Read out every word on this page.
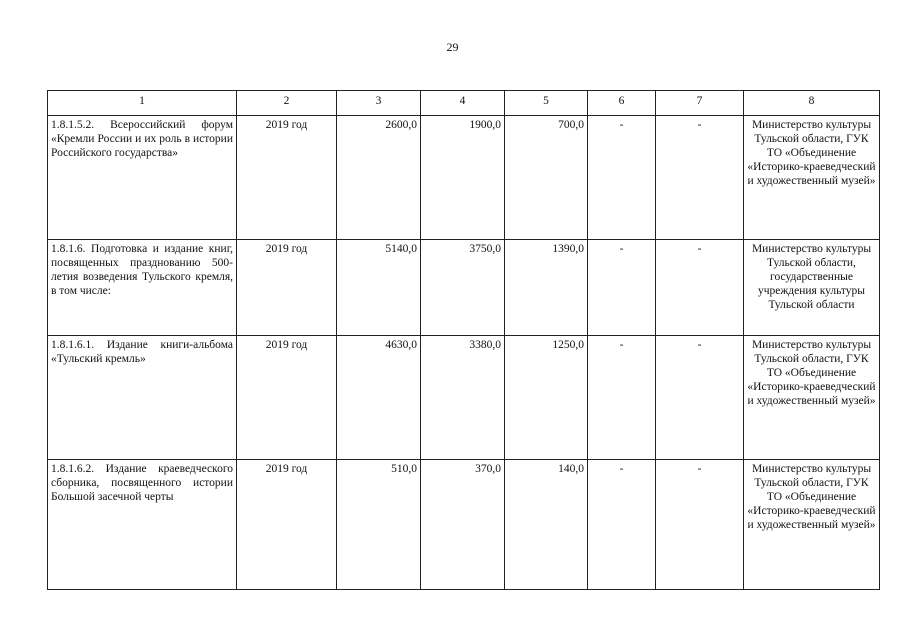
29
1	2	3	4	5	6	7	8
1.8.1.5.2. Всероссийский форум «Кремли России и их роль в истории Российского государства»	2019 год	2600,0	1900,0	700,0	-	-	Министерство культуры Тульской области, ГУК ТО «Объединение «Историко-краеведческий и художественный музей»
1.8.1.6. Подготовка и издание книг, посвященных празднованию 500-летия возведения Тульского кремля, в том числе:	2019 год	5140,0	3750,0	1390,0	-	-	Министерство культуры Тульской области, государственные учреждения культуры Тульской области
1.8.1.6.1. Издание книги-альбома «Тульский кремль»	2019 год	4630,0	3380,0	1250,0	-	-	Министерство культуры Тульской области, ГУК ТО «Объединение «Историко-краеведческий и художественный музей»
1.8.1.6.2. Издание краеведческого сборника, посвященного истории Большой засечной черты	2019 год	510,0	370,0	140,0	-	-	Министерство культуры Тульской области, ГУК ТО «Объединение «Историко-краеведческий и художественный музей»
